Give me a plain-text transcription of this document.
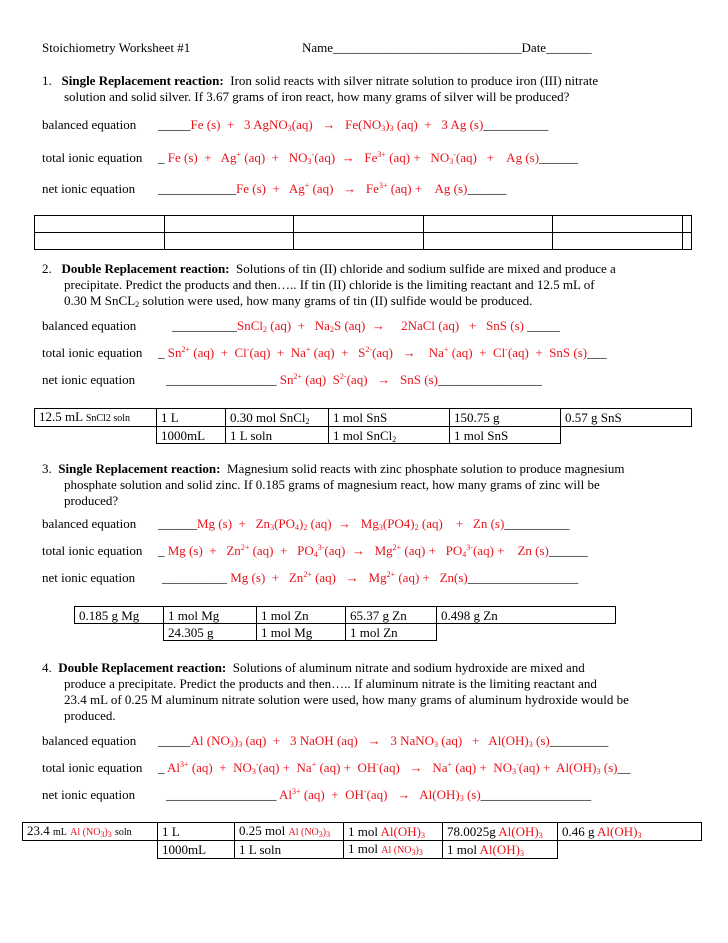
Stoichiometry Worksheet #1	Name_____________________________Date_______
1. Single Replacement reaction: Iron solid reacts with silver nitrate solution to produce iron (III) nitrate
solution and solid silver. If 3.67 grams of iron react, how many grams of silver will be produced?
balanced equation _____Fe (s)  +   3 AgNO$_3$(aq)   →   $Fe(NO_3)_3$ (aq)  +   3 Ag (s)__________
total ionic equation _ Fe (s)  +   Ag+ $(aq) + NO_3^-(aq) \to Fe^{3+}$ $(aq) + NO_3^-(aq)$   +    Ag (s)______
net ionic equation ____________Fe (s)  +   Ag+ $(aq) \to Fe^{3+}$ (aq) +    Ag (s)______

2. Double Replacement reaction: Solutions of tin (II) chloride and sodium sulfide are mixed and produce a
precipitate. Predict the products and then….. If tin (II) chloride is the limiting reactant and 12.5 mL of
0.30 M SnCL$_2$ solution were used, how many grams of tin (II) sulfide would be produced.
balanced equation	__________SnCl$_2$ $(aq) + Na_2S$ (aq)  →     2NaCl (aq)   +   SnS (s) _____
total ionic equation _ $Sn^{2+}$ (aq)  +  Cl-(aq)  +  Na+ $(aq) + S^{2-}(aq)$   →    Na+ (aq)  +  Cl-(aq)  +  SnS (s)___
net ionic equation _________________ $Sn^{2+}$ (aq)  $S^{2-}(aq)$   →   SnS (s)________________
12.5 mL SnCl2 soln	1 L	0.30 mol SnCl$_2$	1 mol SnS	150.75 g	0.57 g SnS
	1000mL	1 L soln	1 mol SnCl$_2$	1 mol SnS	
3. Single Replacement reaction: Magnesium solid reacts with zinc phosphate solution to produce magnesium
phosphate solution and solid zinc. If 0.185 grams of magnesium react, how many grams of zinc will be
produced?
balanced equation ______Mg $(s) + Zn_3(PO_4)_2$ $(aq) \to Mg_3(PO4)_2$ (aq)    +   Zn (s)__________
total ionic equation _ Mg $(s) + Zn^{2+}$ $(aq) + PO_4^{3-}(aq) \to Mg^{2+}$ $(aq) + PO_4^{3-}(aq)$ +    Zn (s)______
net ionic equation __________ Mg $(s) + Zn^{2+}$ $(aq) \to Mg^{2+}$ (aq) +   Zn(s)_________________
0.185 g Mg	1 mol Mg	1 mol Zn	65.37 g Zn	0.498 g Zn
	24.305 g	1 mol Mg	1 mol Zn	
4. Double Replacement reaction: Solutions of aluminum nitrate and sodium hydroxide are mixed and
produce a precipitate. Predict the products and then….. If aluminum nitrate is the limiting reactant and
23.4 mL of 0.25 M aluminum nitrate solution were used, how many grams of aluminum hydroxide would be
produced.
balanced equation _____Al $(NO_3)_3$ (aq)  +   3 NaOH (aq)   →   3 NaNO$_3$ $(aq) + Al(OH)_3$ (s)_________
total ionic equation _ $Al^{3+}$ $(aq) + NO_3^-(aq) + Na^+$ (aq) +  OH-(aq)   →   Na+ $(aq) + NO_3^-(aq) + Al(OH)_3$ (s)__
net ionic equation _________________ $Al^{3+}$ $(aq) + OH^-(aq) \to Al(OH)_3$ (s)_________________
23.4 mL Al $(NO_3)_3$ soln	1 L	0.25 mol Al $(NO_3)_3$	1 mol $Al(OH)_3$	78.0025g $Al(OH)_3$	0.46 g $Al(OH)_3$
	1000mL	1 L soln	1 mol Al $(NO_3)_3$	1 mol $Al(OH)_3$	
